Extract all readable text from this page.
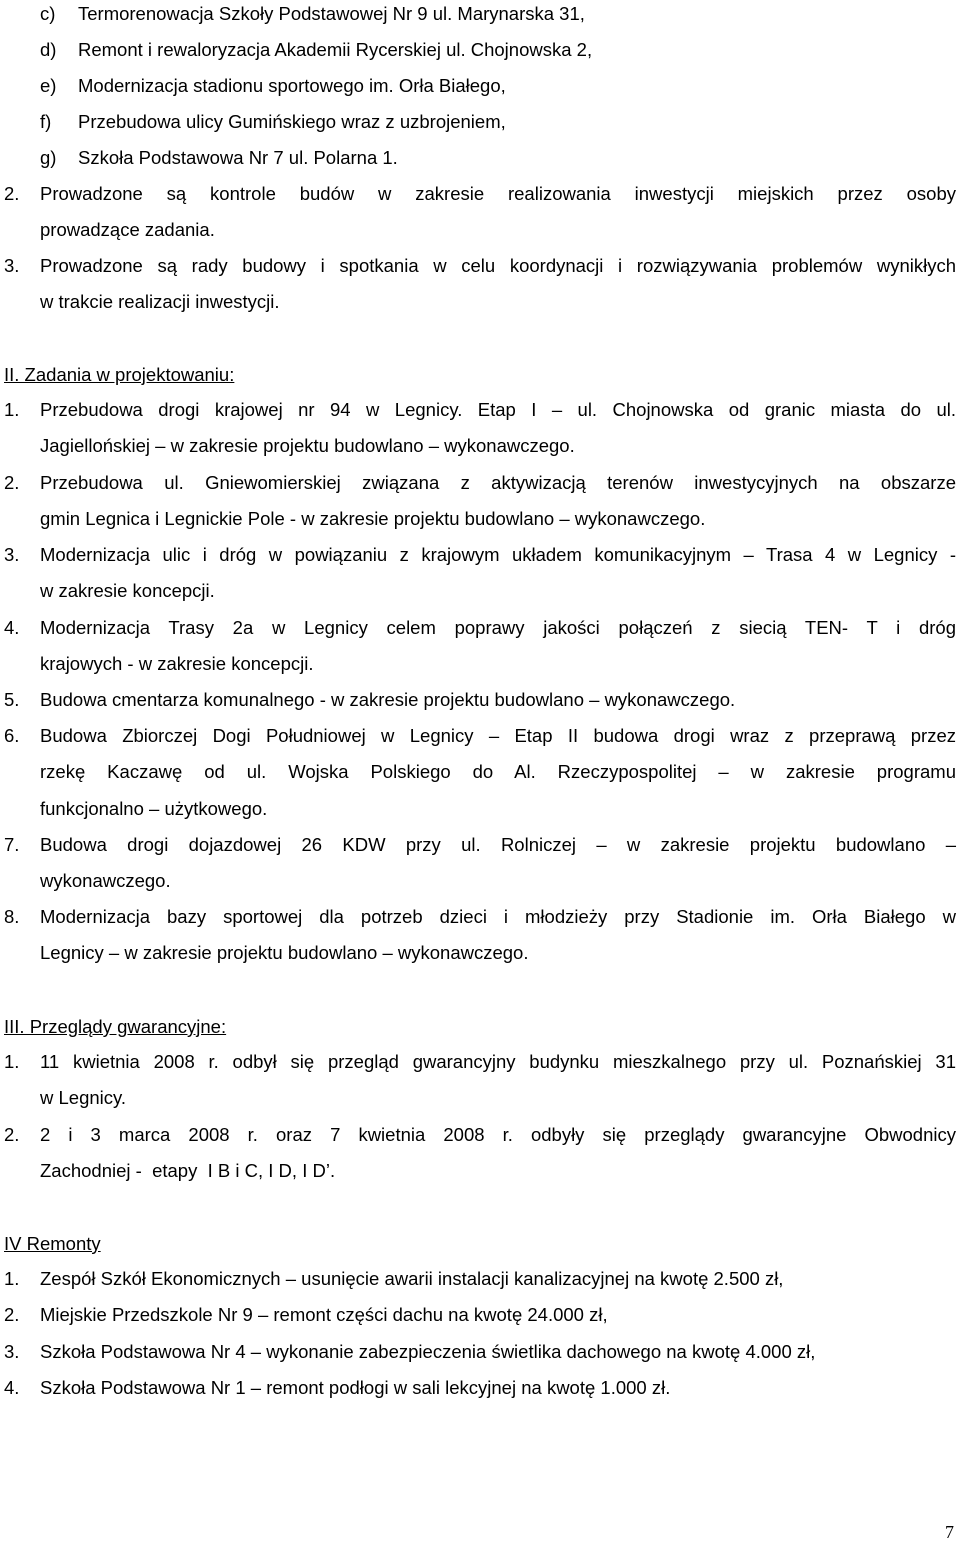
c) Termorenowacja Szkoły Podstawowej Nr 9 ul. Marynarska 31,
d) Remont i rewaloryzacja Akademii Rycerskiej ul. Chojnowska 2,
e) Modernizacja stadionu sportowego im. Orła Białego,
f) Przebudowa ulicy Gumińskiego wraz z uzbrojeniem,
g) Szkoła Podstawowa Nr 7 ul. Polarna 1.
2. Prowadzone są kontrole budów w zakresie realizowania inwestycji miejskich przez osoby
prowadzące zadania.
3. Prowadzone są rady budowy i spotkania w celu koordynacji i rozwiązywania problemów wynikłych
w trakcie realizacji inwestycji.
II. Zadania w projektowaniu:
1. Przebudowa drogi krajowej nr 94 w Legnicy. Etap I – ul. Chojnowska od granic miasta do ul.
Jagiellońskiej – w zakresie projektu budowlano – wykonawczego.
2. Przebudowa ul. Gniewomierskiej związana z aktywizacją terenów inwestycyjnych na obszarze
gmin Legnica i Legnickie Pole - w zakresie projektu budowlano – wykonawczego.
3. Modernizacja ulic i dróg w powiązaniu z krajowym układem komunikacyjnym – Trasa 4 w Legnicy -
w zakresie koncepcji.
4. Modernizacja Trasy 2a w Legnicy celem poprawy jakości połączeń z siecią TEN- T i dróg
krajowych - w zakresie koncepcji.
5. Budowa cmentarza komunalnego - w zakresie projektu budowlano – wykonawczego.
6. Budowa Zbiorczej Dogi Południowej w Legnicy – Etap II budowa drogi wraz z przeprawą przez
rzekę Kaczawę od ul. Wojska Polskiego do Al. Rzeczypospolitej – w zakresie programu
funkcjonalno – użytkowego.
7. Budowa drogi dojazdowej 26 KDW przy ul. Rolniczej – w zakresie projektu budowlano –
wykonawczego.
8. Modernizacja bazy sportowej dla potrzeb dzieci i młodzieży przy Stadionie im. Orła Białego w
Legnicy – w zakresie projektu budowlano – wykonawczego.
III. Przeglądy gwarancyjne:
1. 11 kwietnia 2008 r. odbył się przegląd gwarancyjny budynku mieszkalnego przy ul. Poznańskiej 31
w Legnicy.
2. 2 i 3 marca 2008 r. oraz 7 kwietnia 2008 r. odbyły się przeglądy gwarancyjne Obwodnicy
Zachodniej -  etapy  I B i C, I D, I D’.
IV Remonty
1. Zespół Szkół Ekonomicznych – usunięcie awarii instalacji kanalizacyjnej na kwotę 2.500 zł,
2. Miejskie Przedszkole Nr 9 – remont części dachu na kwotę 24.000 zł,
3. Szkoła Podstawowa Nr 4 – wykonanie zabezpieczenia świetlika dachowego na kwotę 4.000 zł,
4. Szkoła Podstawowa Nr 1 – remont podłogi w sali lekcyjnej na kwotę 1.000 zł.
7
